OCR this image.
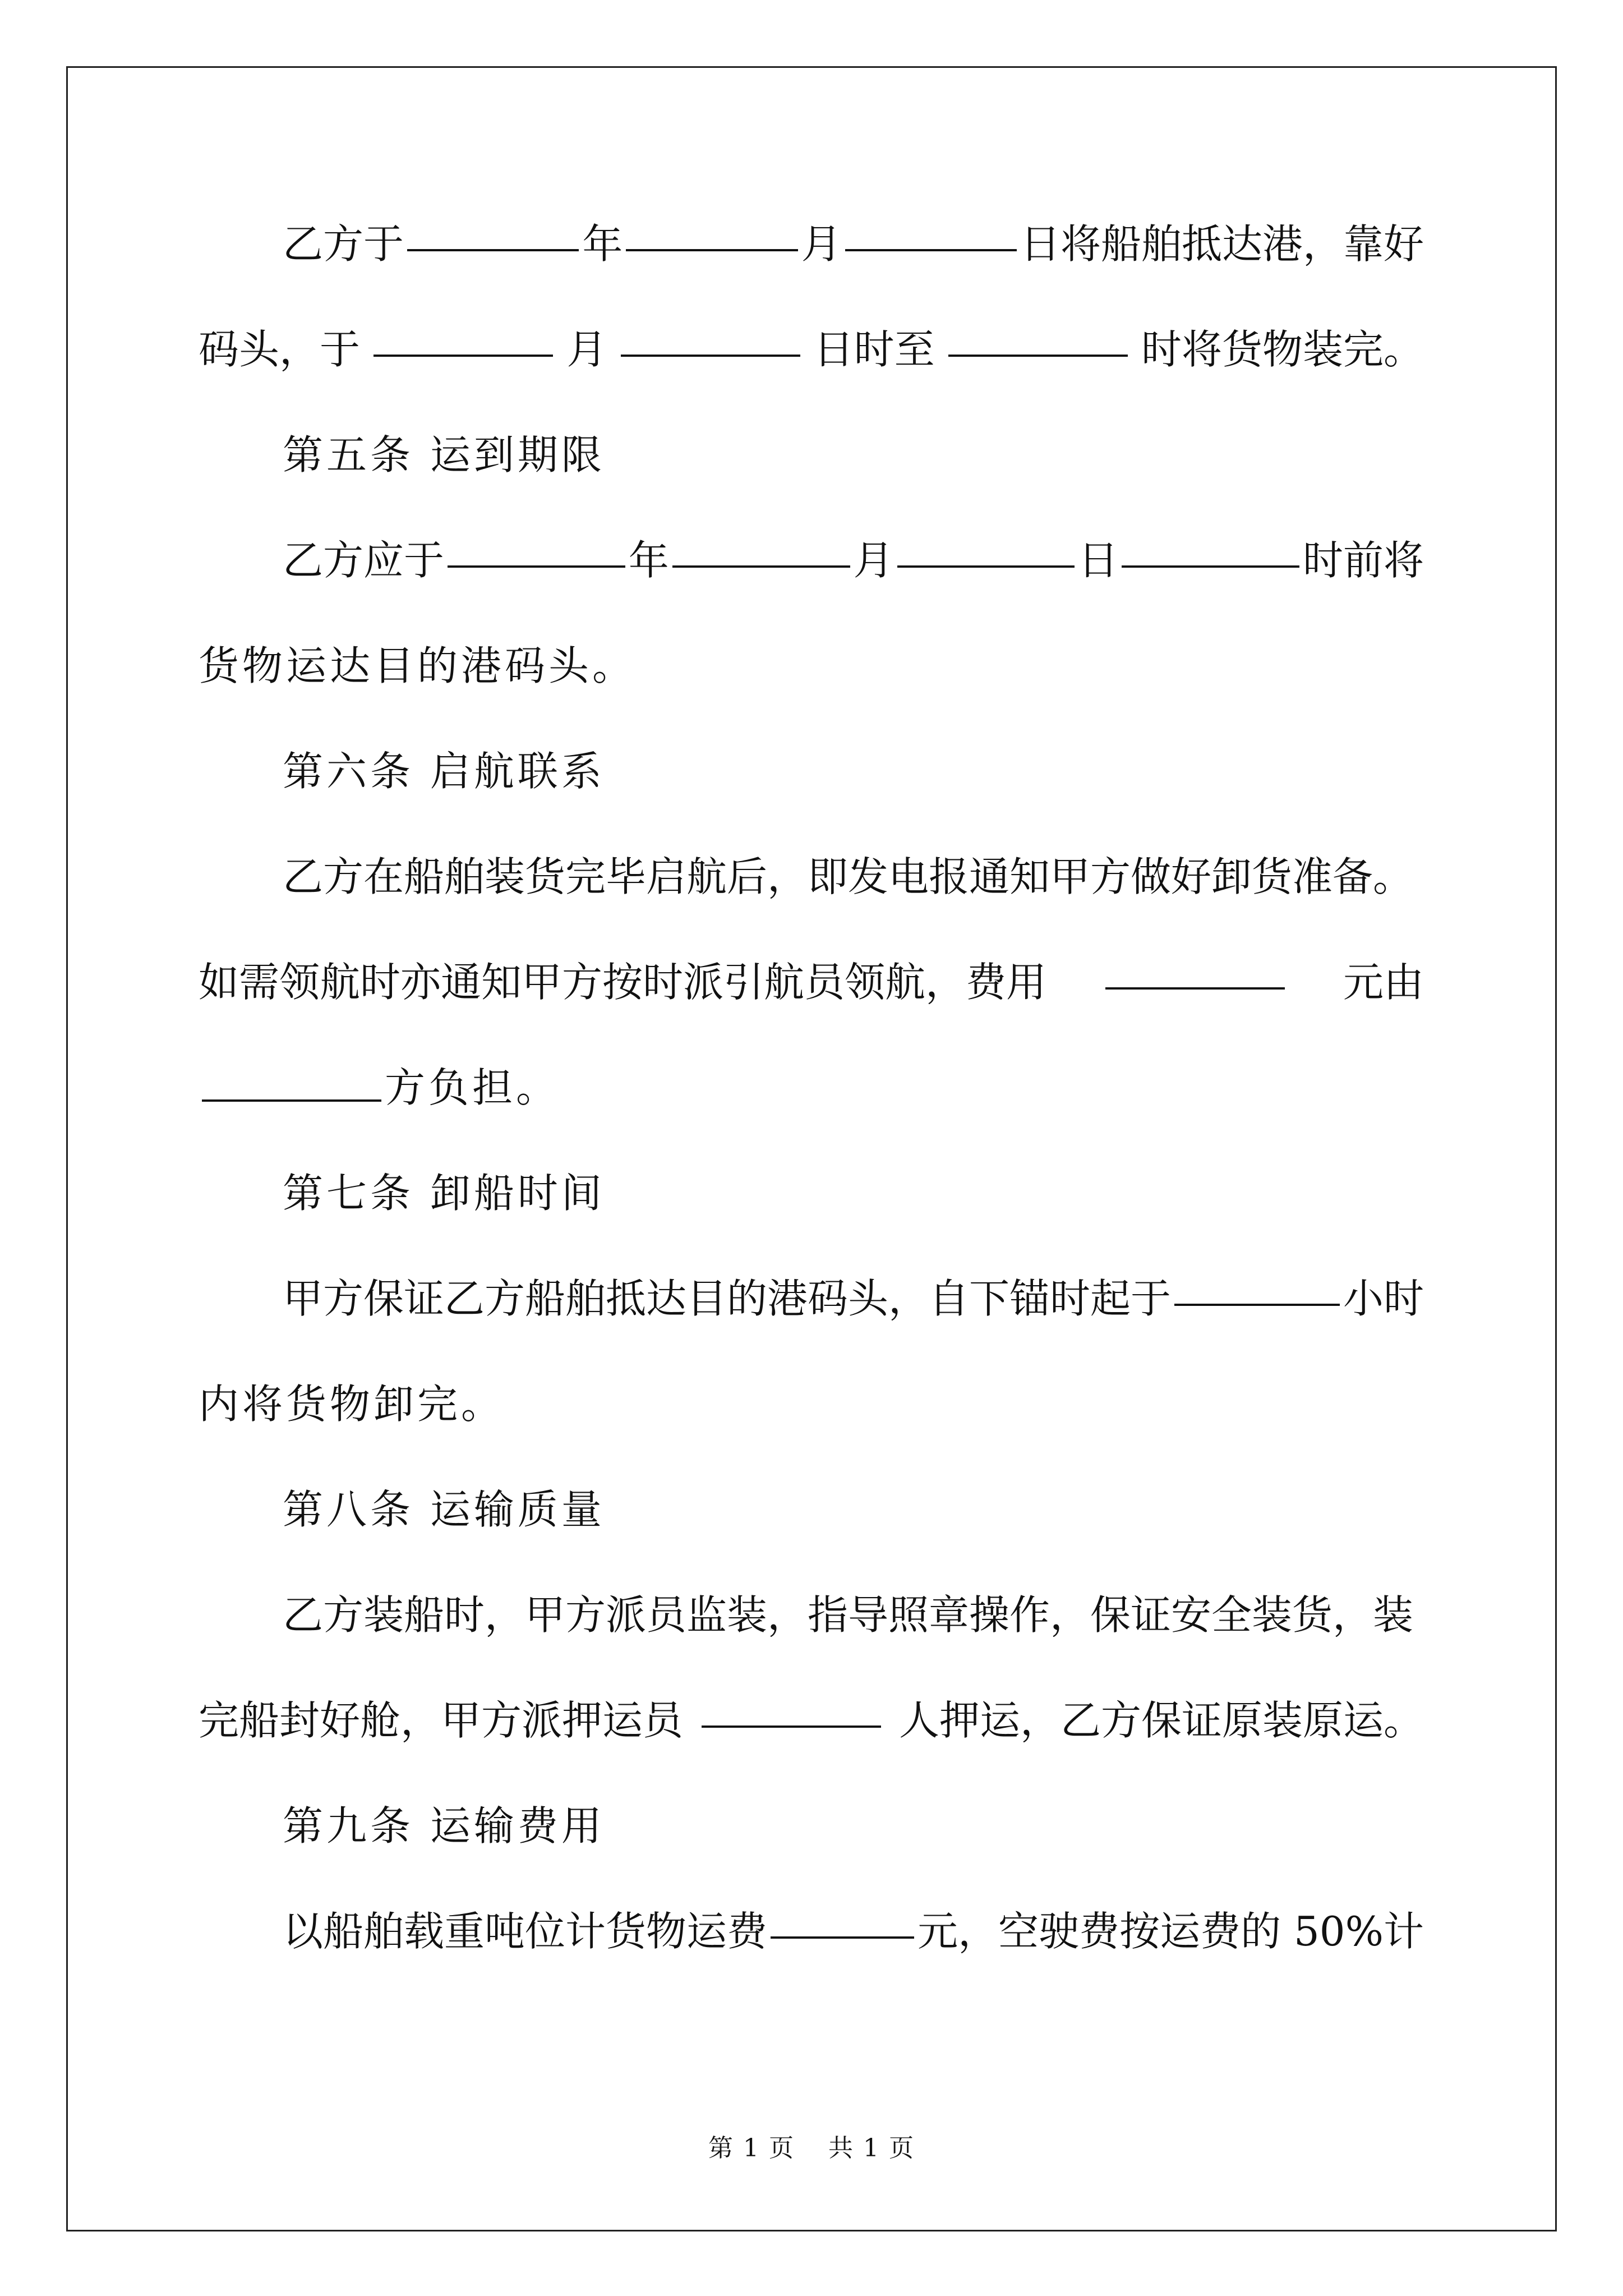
乙方于	年	月	日将船舶抵达港，靠好
码头，于	月	日时至	时将货物装完。
第五条 运到期限
乙方应于	年	月	日	时前将
货物运达目的港码头。
第六条 启航联系
乙方在船舶装货完毕启航后，即发电报通知甲方做好卸货准备。
如需领航时亦通知甲方按时派引航员领航，费用	元由
方负担。
第七条 卸船时间
甲方保证乙方船舶抵达目的港码头，自下锚时起于	小时
内将货物卸完。
第八条 运输质量
乙方装船时，甲方派员监装，指导照章操作，保证安全装货，装
完船封好舱，甲方派押运员	人押运，乙方保证原装原运。
第九条 运输费用
以船舶载重吨位计货物运费	元，空驶费按运费的 50%计
第 1 页 共 1 页
